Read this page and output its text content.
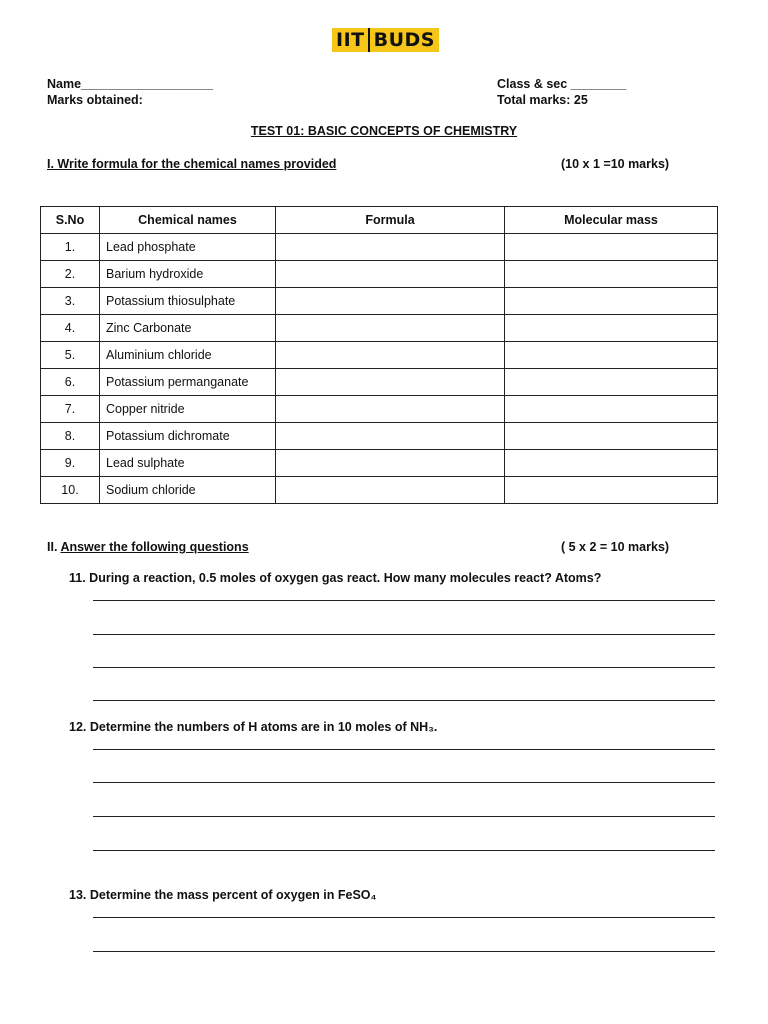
IIT BUDS
Name___________________	Class & sec ________
Marks obtained:	Total marks: 25
TEST 01: BASIC CONCEPTS OF CHEMISTRY
I. Write formula for the chemical names provided	(10 x 1 =10 marks)
S.No	Chemical names	Formula	Molecular mass
1.	Lead phosphate		
2.	Barium hydroxide		
3.	Potassium thiosulphate		
4.	Zinc Carbonate		
5.	Aluminium chloride		
6.	Potassium permanganate		
7.	Copper nitride		
8.	Potassium dichromate		
9.	Lead sulphate		
10.	Sodium chloride		
II. Answer the following questions	( 5 x 2 = 10 marks)
11. During a reaction, 0.5 moles of oxygen gas react. How many molecules react? Atoms?
12. Determine the numbers of H atoms are in 10 moles of NH₃.
13. Determine the mass percent of oxygen in FeSO₄
